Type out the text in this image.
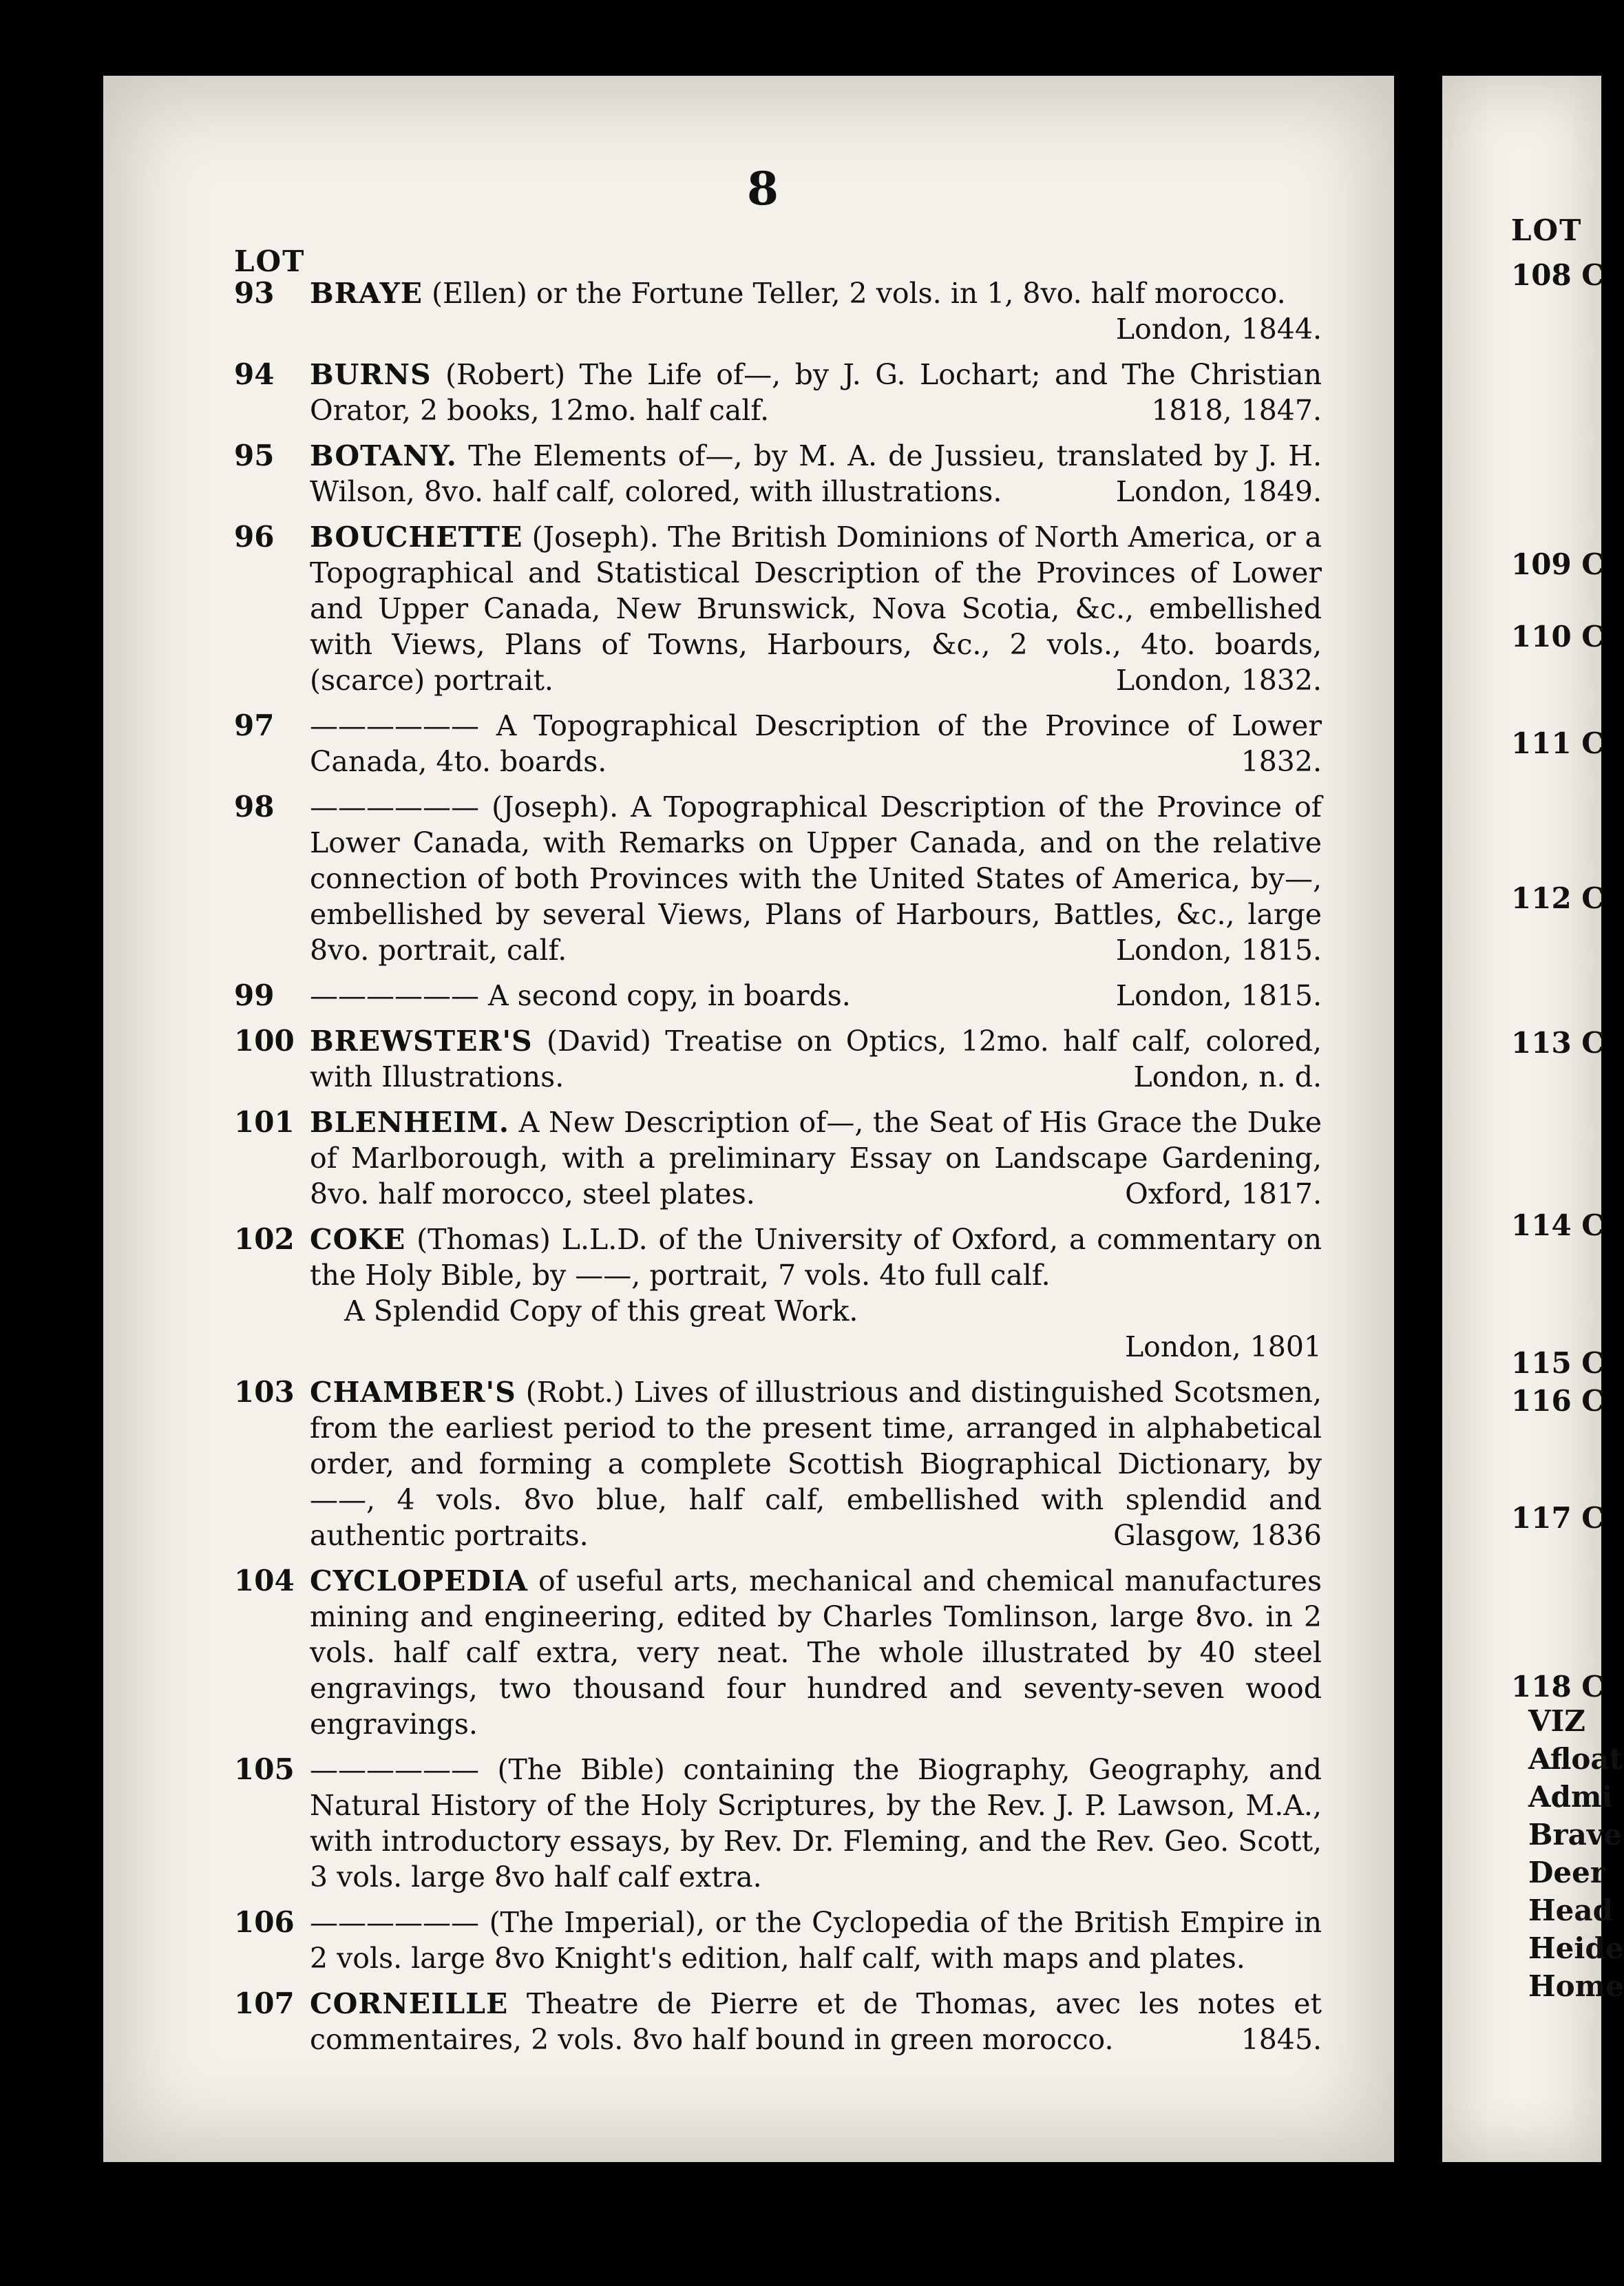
8
LOT
93	BRAYE (Ellen) or the Fortune Teller, 2 vols. in 1, 8vo. half morocco.
London, 1844.
94	BURNS (Robert) The Life of—, by J. G. Lochart; and The Christian Orator, 2 books, 12mo. half calf.	1818, 1847.
95	BOTANY. The Elements of—, by M. A. de Jussieu, translated by J. H. Wilson, 8vo. half calf, colored, with illustrations.	London, 1849.
96	BOUCHETTE (Joseph). The British Dominions of North America, or a Topographical and Statistical Description of the Provinces of Lower and Upper Canada, New Brunswick, Nova Scotia, &c., embellished with Views, Plans of Towns, Harbours, &c., 2 vols., 4to. boards, (scarce) portrait.	London, 1832.
97	—————— A Topographical Description of the Province of Lower Canada, 4to. boards.	1832.
98	—————— (Joseph). A Topographical Description of the Province of Lower Canada, with Remarks on Upper Canada, and on the relative connection of both Provinces with the United States of America, by—, embellished by several Views, Plans of Harbours, Battles, &c., large 8vo. portrait, calf.	London, 1815.
99	—————— A second copy, in boards.	London, 1815.
100 BREWSTER'S (David) Treatise on Optics, 12mo. half calf, colored, with Illustrations.	London, n. d.
101 BLENHEIM. A New Description of—, the Seat of His Grace the Duke of Marlborough, with a preliminary Essay on Landscape Gardening, 8vo. half morocco, steel plates.	Oxford, 1817.
102 COKE (Thomas) L.L.D. of the University of Oxford, a commentary on the Holy Bible, by ——, portrait, 7 vols. 4to full calf.
A Splendid Copy of this great Work.
London, 1801
103 CHAMBER'S (Robt.) Lives of illustrious and distinguished Scotsmen, from the earliest period to the present time, arranged in alphabetical order, and forming a complete Scottish Biographical Dictionary, by ——, 4 vols. 8vo blue, half calf, embellished with splendid and authentic portraits.	Glasgow, 1836
104 CYCLOPEDIA of useful arts, mechanical and chemical manufactures mining and engineering, edited by Charles Tomlinson, large 8vo. in 2 vols. half calf extra, very neat. The whole illustrated by 40 steel engravings, two thousand four hundred and seventy-seven wood engravings.
105 —————— (The Bible) containing the Biography, Geography, and Natural History of the Holy Scriptures, by the Rev. J. P. Lawson, M.A., with introductory essays, by Rev. Dr. Fleming, and the Rev. Geo. Scott, 3 vols. large 8vo half calf extra.
106 —————— (The Imperial), or the Cyclopedia of the British Empire in 2 vols. large 8vo Knight's edition, half calf, with maps and plates.
107 CORNEILLE Theatre de Pierre et de Thomas, avec les notes et commentaires, 2 vols. 8vo half bound in green morocco.	1845.
LOT
108 C
109 C
110 C
111 C
112 C
113 C
114 C
115 C
116 C
117 C
118 C
VIZ
Afloat
Admi
Brave
Deer
Head
Heide
Home
